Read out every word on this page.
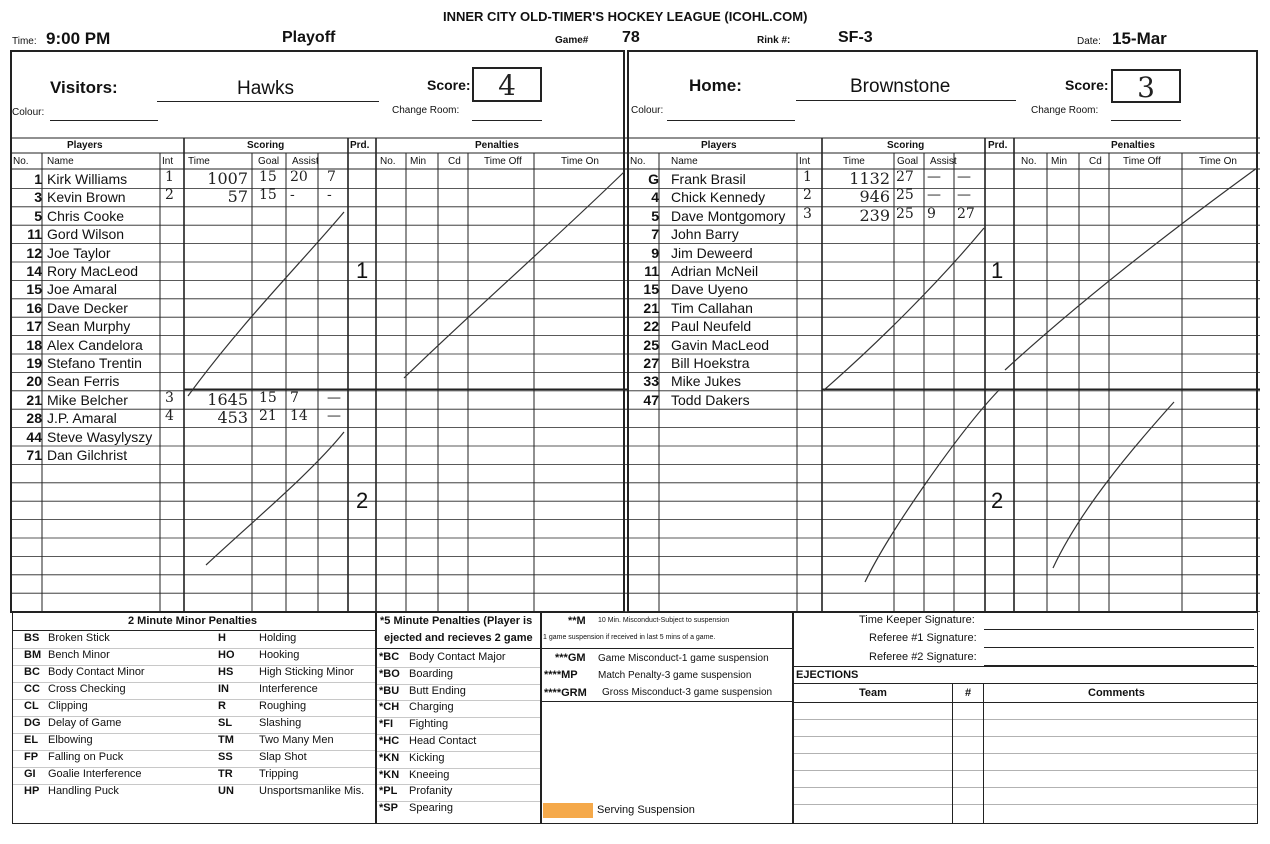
INNER CITY OLD-TIMER'S HOCKEY LEAGUE (ICOHL.COM)
Time: 9:00 PM	Playoff	Game# 78	Rink #:	SF-3	Date: 15-Mar
Visitors:	Hawks	Score: 4
Colour:	Change Room:
Players	Scoring	Prd.	Penalties
No. Name	Int Time	Goal Assist	No. Min Cd Time Off	Time On
1 Kirk Williams
3 Kevin Brown
5 Chris Cooke
11 Gord Wilson
12 Joe Taylor
14 Rory MacLeod
15 Joe Amaral
16 Dave Decker
17 Sean Murphy
18 Alex Candelora
19 Stefano Trentin
20 Sean Ferris
21 Mike Belcher
28 J.P. Amaral
44 Steve Wasylyszy
71 Dan Gilchrist
1	1007 15 20 7
2	57 15 - -
3	1645 15 7 —
4	453 21 14 —
1
2
Home:	Brownstone	Score:	3
Colour:	Change Room:
Players	Scoring	Prd.	Penalties
No.	Name	Int	Time	Goal Assist	No. Min Cd Time Off	Time On
G Frank Brasil
4 Chick Kennedy
5 Dave Montgomory
7 John Barry
9 Jim Deweerd
11 Adrian McNeil
15 Dave Uyeno
21 Tim Callahan
22 Paul Neufeld
25 Gavin MacLeod
27 Bill Hoekstra
33 Mike Jukes
47 Todd Dakers
1	1132 27 — —
2	946 25 — —
3	239 25 9 27
1
2
2 Minute Minor Penalties
BS Broken Stick	H	Holding
BM Bench Minor	HO Hooking
BC Body Contact Minor	HS High Sticking Minor
CC Cross Checking	IN	Interference
CL Clipping	R	Roughing
DG Delay of Game	SL Slashing
EL Elbowing	TM Two Many Men
FP Falling on Puck	SS Slap Shot
GI Goalie Interference	TR Tripping
HP Handling Puck	UN Unsportsmanlike Mis.
*5 Minute Penalties (Player is
ejected and recieves 2 game
*BC Body Contact Major
*BO Boarding
*BU Butt Ending
*CH Charging
*FI Fighting
*HC Head Contact
*KN Kicking
*KN Kneeing
*PL Profanity
*SP Spearing
**M 10 Min. Misconduct-Subject to suspension
1 game suspension if received in last 5 mins of a game.
***GM Game Misconduct-1 game suspension
****MP Match Penalty-3 game suspension
****GRM Gross Misconduct-3 game suspension
Serving Suspension
Time Keeper Signature:
Referee #1 Signature:
Referee #2 Signature:
EJECTIONS
Team	#	Comments
